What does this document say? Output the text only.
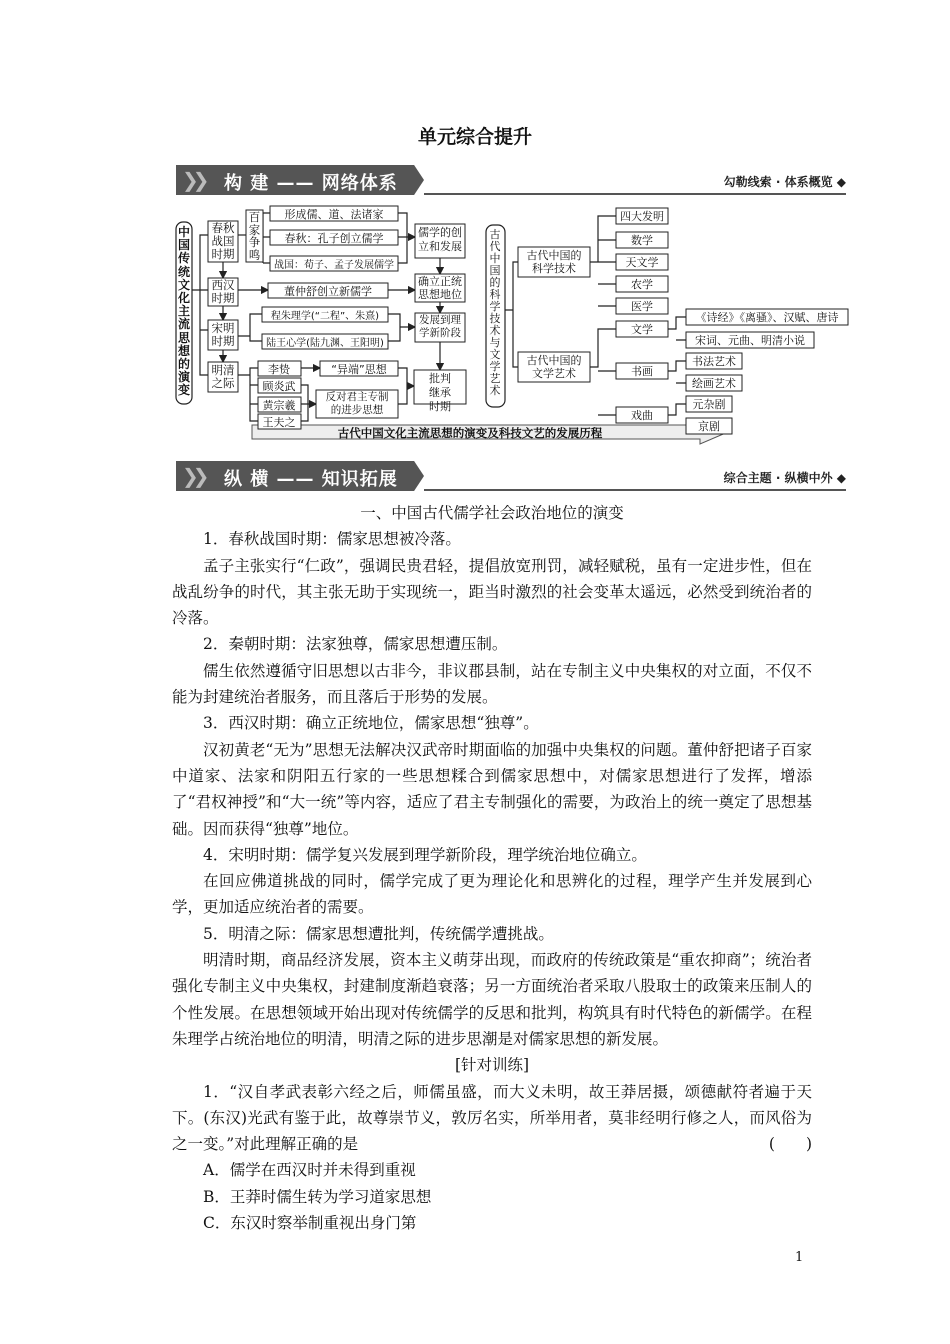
单元综合提升
❯❯ 构 建 —— 网络体系	勾勒线索 · 体系概览 ◆
❯❯ 纵 横 —— 知识拓展	综合主题 · 纵横中外 ◆
古代中国文化主流思想的演变及科技文艺的发展历程
中国传统文化主流思想的演变
春秋战国时期
西汉时期
宋明时期
明清之际
百家争鸣
形成儒、道、法诸家
春秋：孔子创立儒学
战国：荀子、孟子发展儒学
董仲舒创立新儒学
程朱理学(“二程”、朱熹)
陆王心学(陆九渊、王阳明)
李贽	“异端”思想
顾炎武
黄宗羲
王夫之
反对君主专制的进步思想
儒学的创立和发展
确立正统思想地位
发展到理学新阶段
批判继承时期
古代中国的科学技术与文学艺术
古代中国的科学技术
古代中国的文学艺术
四大发明
数学
天文学
农学
医学
文学
书画
戏曲
《诗经》《离骚》、汉赋、唐诗
宋词、元曲、明清小说
书法艺术
绘画艺术
元杂剧
京剧

一、中国古代儒学社会政治地位的演变

1．春秋战国时期：儒家思想被冷落。

孟子主张实行“仁政”，强调民贵君轻，提倡放宽刑罚，减轻赋税，虽有一定进步性，但在战乱纷争的时代，其主张无助于实现统一，距当时激烈的社会变革太遥远，必然受到统治者的冷落。

2．秦朝时期：法家独尊，儒家思想遭压制。

儒生依然遵循守旧思想以古非今，非议郡县制，站在专制主义中央集权的对立面，不仅不能为封建统治者服务，而且落后于形势的发展。

3．西汉时期：确立正统地位，儒家思想“独尊”。

汉初黄老“无为”思想无法解决汉武帝时期面临的加强中央集权的问题。董仲舒把诸子百家中道家、法家和阴阳五行家的一些思想糅合到儒家思想中，对儒家思想进行了发挥，增添了“君权神授”和“大一统”等内容，适应了君主专制强化的需要，为政治上的统一奠定了思想基础。因而获得“独尊”地位。

4．宋明时期：儒学复兴发展到理学新阶段，理学统治地位确立。

在回应佛道挑战的同时，儒学完成了更为理论化和思辨化的过程，理学产生并发展到心学，更加适应统治者的需要。

5．明清之际：儒家思想遭批判，传统儒学遭挑战。

明清时期，商品经济发展，资本主义萌芽出现，而政府的传统政策是“重农抑商”；统治者强化专制主义中央集权，封建制度渐趋衰落；另一方面统治者采取八股取士的政策来压制人的个性发展。在思想领域开始出现对传统儒学的反思和批判，构筑具有时代特色的新儒学。在程朱理学占统治地位的明清，明清之际的进步思潮是对儒家思想的新发展。

[针对训练]

1．“汉自孝武表彰六经之后，师儒虽盛，而大义未明，故王莽居摄，颂德献符者遍于天下。(东汉)光武有鉴于此，故尊崇节义，敦厉名实，所举用者，莫非经明行修之人，而风俗为之一变。”对此理解正确的是	(　　)

A．儒学在西汉时并未得到重视

B．王莽时儒生转为学习道家思想

C．东汉时察举制重视出身门第

1
